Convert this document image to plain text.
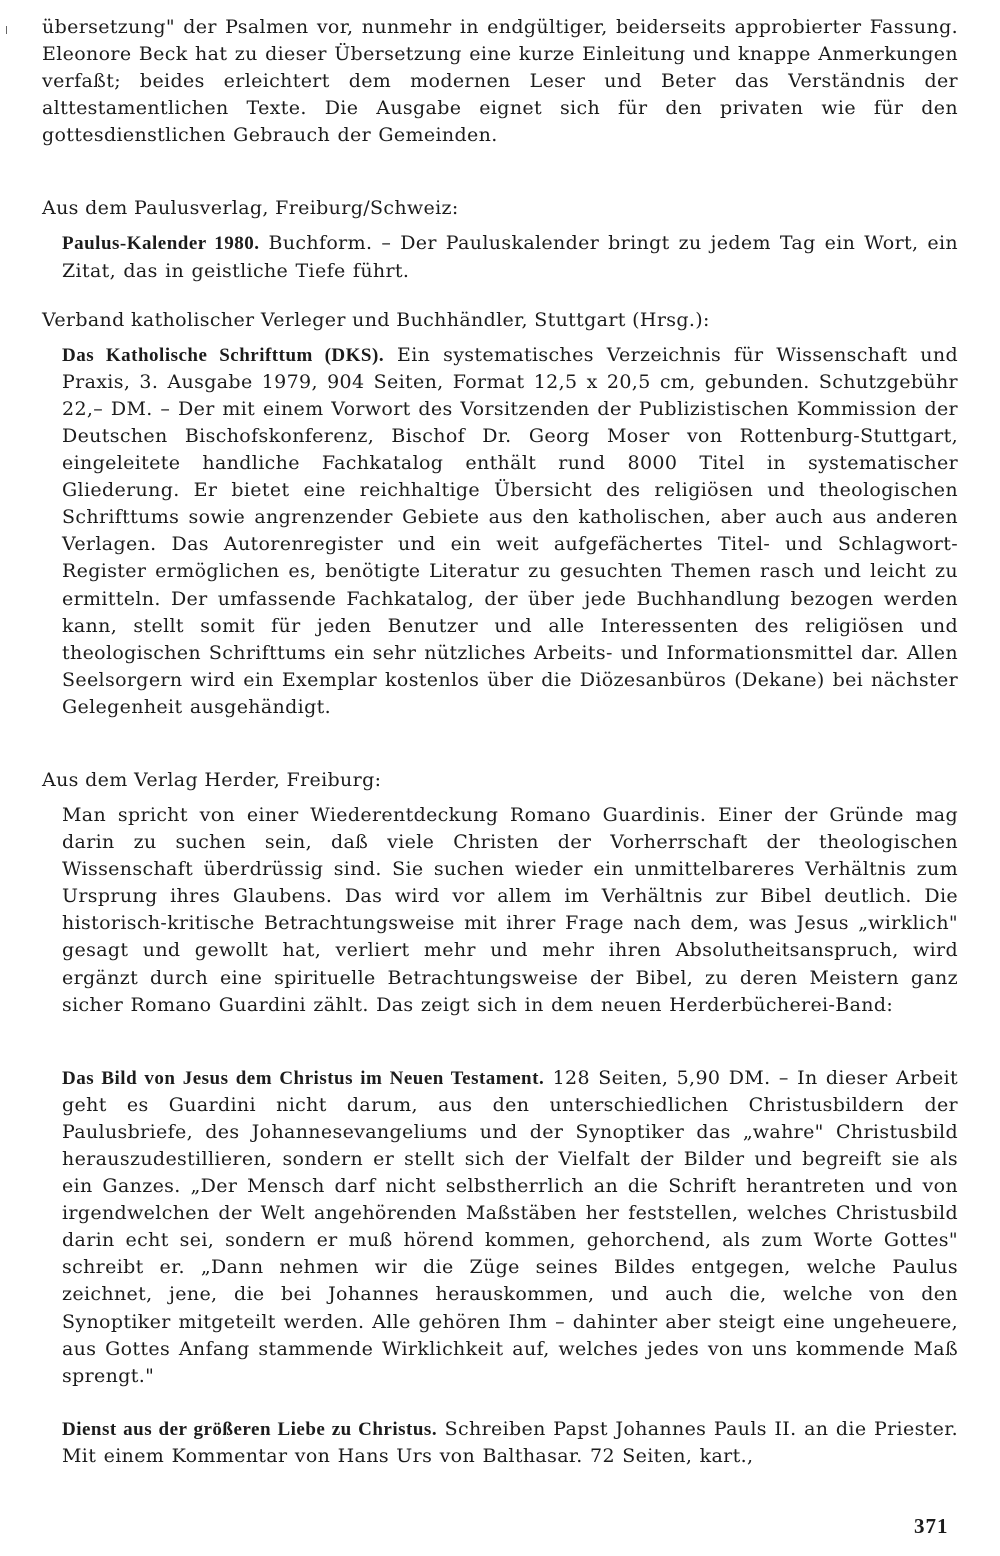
übersetzung" der Psalmen vor, nunmehr in endgültiger, beiderseits approbierter Fassung. Eleonore Beck hat zu dieser Übersetzung eine kurze Einleitung und knappe Anmerkungen verfaßt; beides erleichtert dem modernen Leser und Beter das Verständnis der alttestamentlichen Texte. Die Ausgabe eignet sich für den privaten wie für den gottesdienstlichen Gebrauch der Gemeinden.

Aus dem Paulusverlag, Freiburg/Schweiz:

Paulus-Kalender 1980. Buchform. – Der Pauluskalender bringt zu jedem Tag ein Wort, ein Zitat, das in geistliche Tiefe führt.

Verband katholischer Verleger und Buchhändler, Stuttgart (Hrsg.):

Das Katholische Schrifttum (DKS). Ein systematisches Verzeichnis für Wissenschaft und Praxis, 3. Ausgabe 1979, 904 Seiten, Format 12,5 x 20,5 cm, gebunden. Schutzgebühr 22,– DM. – Der mit einem Vorwort des Vorsitzenden der Publizistischen Kommission der Deutschen Bischofskonferenz, Bischof Dr. Georg Moser von Rottenburg-Stuttgart, eingeleitete handliche Fachkatalog enthält rund 8000 Titel in systematischer Gliederung. Er bietet eine reichhaltige Übersicht des religiösen und theologischen Schrifttums sowie angrenzender Gebiete aus den katholischen, aber auch aus anderen Verlagen. Das Autorenregister und ein weit aufgefächertes Titel- und Schlagwort-Register ermöglichen es, benötigte Literatur zu gesuchten Themen rasch und leicht zu ermitteln. Der umfassende Fachkatalog, der über jede Buchhandlung bezogen werden kann, stellt somit für jeden Benutzer und alle Interessenten des religiösen und theologischen Schrifttums ein sehr nützliches Arbeits- und Informationsmittel dar. Allen Seelsorgern wird ein Exemplar kostenlos über die Diözesanbüros (Dekane) bei nächster Gelegenheit ausgehändigt.

Aus dem Verlag Herder, Freiburg:

Man spricht von einer Wiederentdeckung Romano Guardinis. Einer der Gründe mag darin zu suchen sein, daß viele Christen der Vorherrschaft der theologischen Wissenschaft überdrüssig sind. Sie suchen wieder ein unmittelbareres Verhältnis zum Ursprung ihres Glaubens. Das wird vor allem im Verhältnis zur Bibel deutlich. Die historisch-kritische Betrachtungsweise mit ihrer Frage nach dem, was Jesus „wirklich" gesagt und gewollt hat, verliert mehr und mehr ihren Absolutheitsanspruch, wird ergänzt durch eine spirituelle Betrachtungsweise der Bibel, zu deren Meistern ganz sicher Romano Guardini zählt. Das zeigt sich in dem neuen Herderbücherei-Band:

Das Bild von Jesus dem Christus im Neuen Testament. 128 Seiten, 5,90 DM. – In dieser Arbeit geht es Guardini nicht darum, aus den unterschiedlichen Christusbildern der Paulusbriefe, des Johannesevangeliums und der Synoptiker das „wahre" Christusbild herauszudestillieren, sondern er stellt sich der Vielfalt der Bilder und begreift sie als ein Ganzes. „Der Mensch darf nicht selbstherrlich an die Schrift herantreten und von irgendwelchen der Welt angehörenden Maßstäben her feststellen, welches Christusbild darin echt sei, sondern er muß hörend kommen, gehorchend, als zum Worte Gottes" schreibt er. „Dann nehmen wir die Züge seines Bildes entgegen, welche Paulus zeichnet, jene, die bei Johannes herauskommen, und auch die, welche von den Synoptiker mitgeteilt werden. Alle gehören Ihm – dahinter aber steigt eine ungeheuere, aus Gottes Anfang stammende Wirklichkeit auf, welches jedes von uns kommende Maß sprengt."

Dienst aus der größeren Liebe zu Christus. Schreiben Papst Johannes Pauls II. an die Priester. Mit einem Kommentar von Hans Urs von Balthasar. 72 Seiten, kart.,

371
